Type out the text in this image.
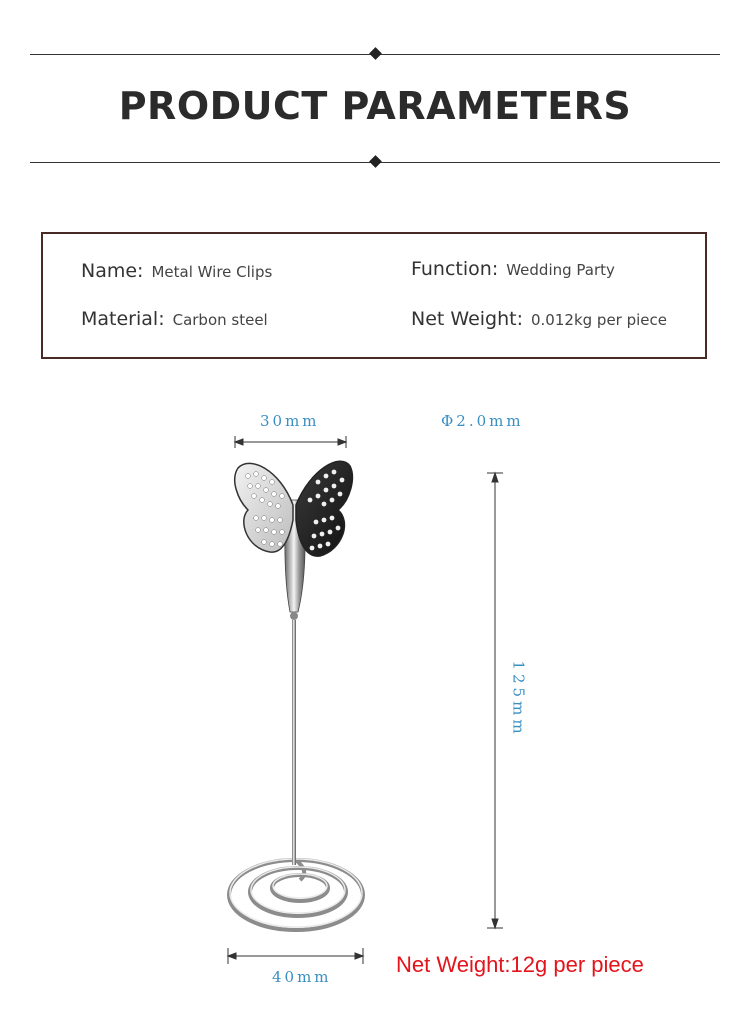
PRODUCT PARAMETERS
Name: Metal Wire Clips	Function: Wedding Party
Material: Carbon steel	Net Weight: 0.012kg per piece
30mm	Φ2.0mm
125mm
40mm	Net Weight:12g per piece
